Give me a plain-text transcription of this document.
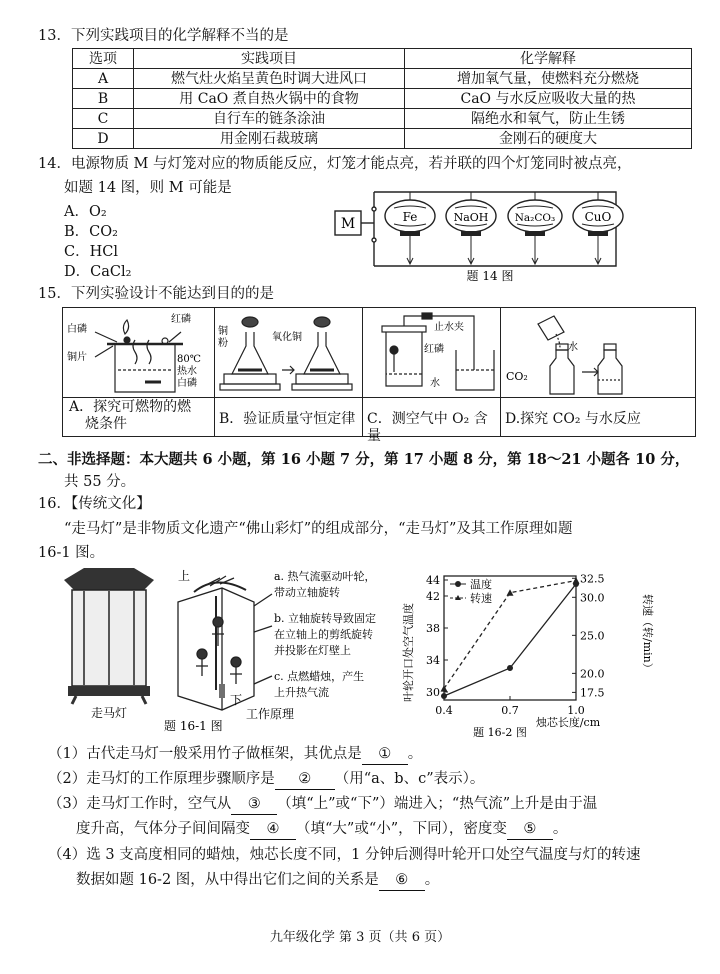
13．下列实践项目的化学解释不当的是
选项	实践项目	化学解释
A	燃气灶火焰呈黄色时调大进风口	增加氧气量，使燃料充分燃烧
B	用 CaO 煮自热火锅中的食物	CaO 与水反应吸收大量的热
C	自行车的链条涂油	隔绝水和氧气，防止生锈
D	用金刚石裁玻璃	金刚石的硬度大
14．电源物质 M 与灯笼对应的物质能反应，灯笼才能点亮，若并联的四个灯笼同时被点亮，
如题 14 图，则 M 可能是
A．O₂
B．CO₂
C．HCl
D．CaCl₂
M	Fe	NaOH	Na₂CO₃ CuO
题 14 图
15．下列实验设计不能达到目的的是
白磷
红磷
铜片	80℃
热水
白磷
A．探究可燃物的燃
烧条件
铜
粉
氧化铜
B．验证质量守恒定律
止水夹
红磷
水
C．测空气中 O₂ 含量
水
CO₂
D.探究 CO₂ 与水反应
二、非选择题：本大题共 6 小题，第 16 小题 7 分，第 17 小题 8 分，第 18～21 小题各 10 分，
共 55 分。
16．【传统文化】
“走马灯”是非物质文化遗产“佛山彩灯”的组成部分，“走马灯”及其工作原理如题
16-1 图。
走马灯
上
下
a. 热气流驱动叶轮，
带动立轴旋转
b. 立轴旋转导致固定
在立轴上的剪纸旋转
并投影在灯壁上
c. 点燃蜡烛，产生
上升热气流
工作原理
题 16-1 图
30
34
38
42
44
17.5
20.0
25.0
30.0
32.5
0.4	0.7	1.0
叶轮开口处空气温度	转速（转/min）
烛芯长度/cm
温度
转速
题 16-2 图
（1）古代走马灯一般采用竹子做框架，其优点是 ① 。
（2）走马灯的工作原理步骤顺序是 ② （用“a、b、c”表示）。
（3）走马灯工作时，空气从 ③ （填“上”或“下”）端进入；“热气流”上升是由于温
度升高，气体分子间间隔变 ④ （填“大”或“小”，下同），密度变 ⑤ 。
（4）选 3 支高度相同的蜡烛，烛芯长度不同，1 分钟后测得叶轮开口处空气温度与灯的转速
数据如题 16-2 图，从中得出它们之间的关系是 ⑥ 。
九年级化学 第 3 页（共 6 页）
